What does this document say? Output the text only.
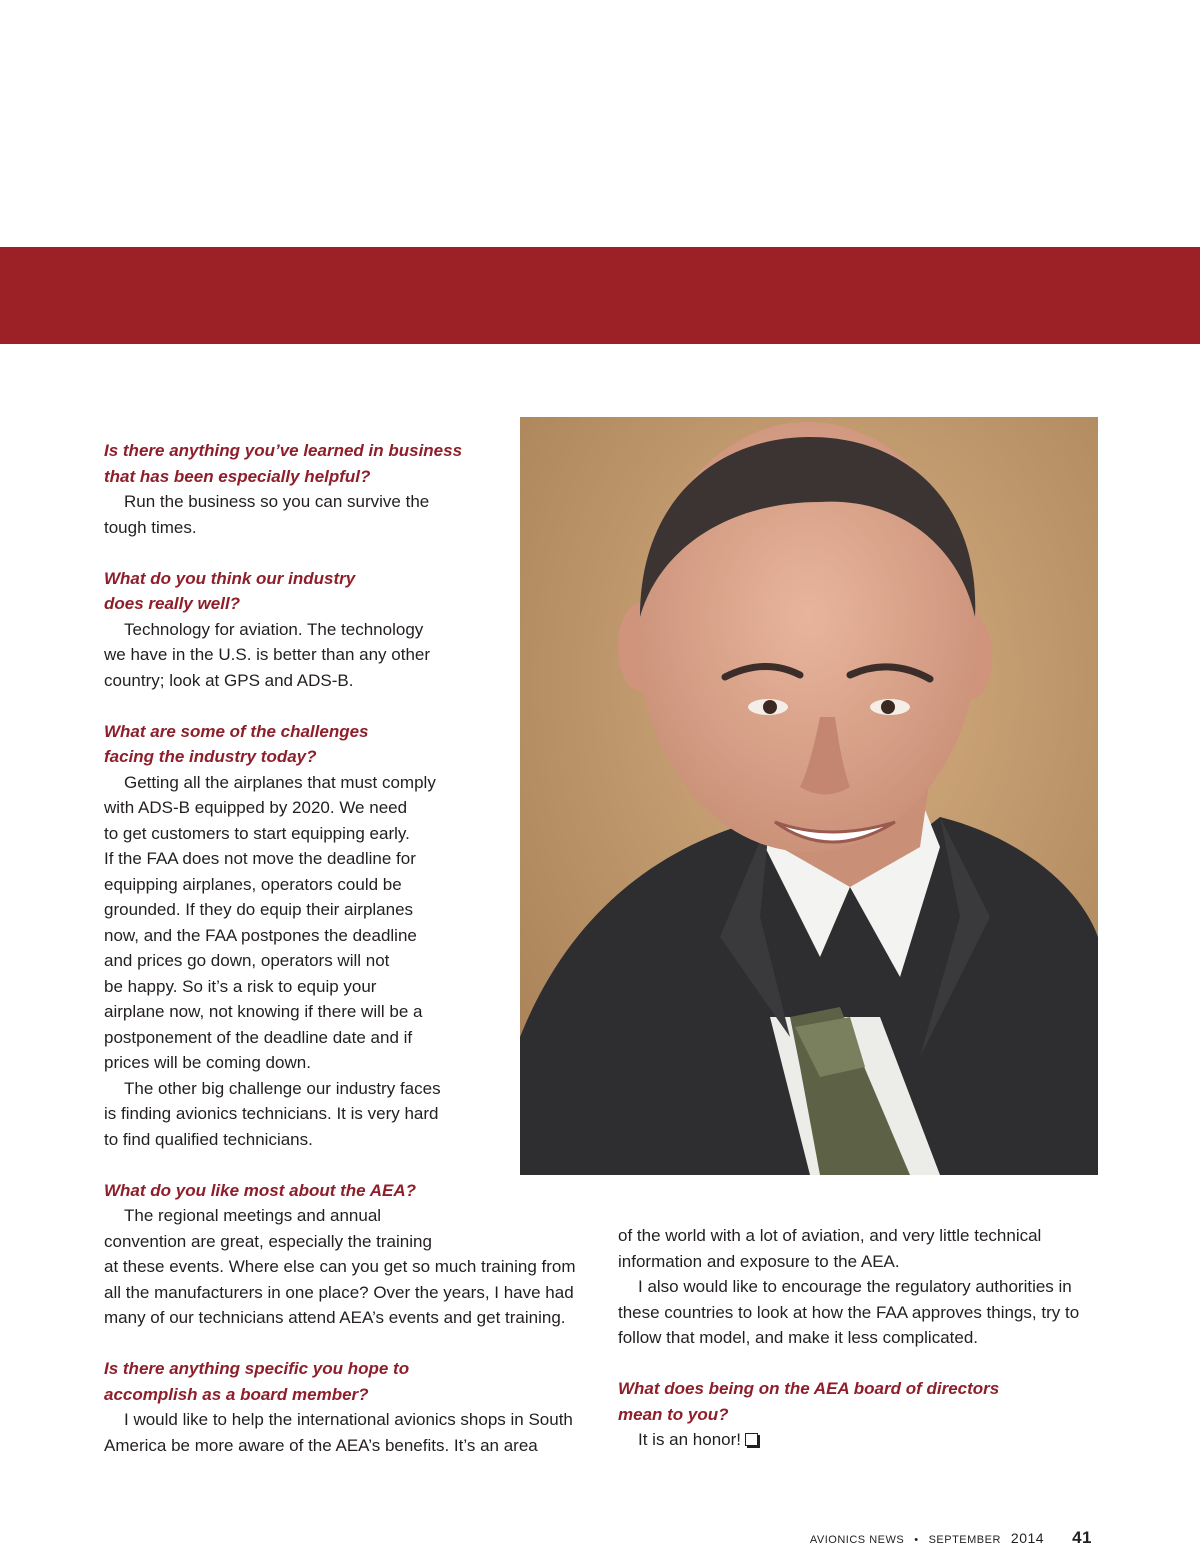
Is there anything you’ve learned in business
that has been especially helpful?
Run the business so you can survive the
tough times.
What do you think our industry
does really well?
Technology for aviation. The technology
we have in the U.S. is better than any other
country; look at GPS and ADS-B.
What are some of the challenges
facing the industry today?
Getting all the airplanes that must comply
with ADS-B equipped by 2020. We need
to get customers to start equipping early.
If the FAA does not move the deadline for
equipping airplanes, operators could be
grounded. If they do equip their airplanes
now, and the FAA postpones the deadline
and prices go down, operators will not
be happy. So it’s a risk to equip your
airplane now, not knowing if there will be a
postponement of the deadline date and if
prices will be coming down.
The other big challenge our industry faces
is finding avionics technicians. It is very hard
to find qualified technicians.
What do you like most about the AEA?
The regional meetings and annual
convention are great, especially the training
at these events. Where else can you get so much training from
all the manufacturers in one place? Over the years, I have had
many of our technicians attend AEA’s events and get training.
Is there anything specific you hope to
accomplish as a board member?
I would like to help the international avionics shops in South
America be more aware of the AEA’s benefits. It’s an area
of the world with a lot of aviation, and very little technical
information and exposure to the AEA.
I also would like to encourage the regulatory authorities in
these countries to look at how the FAA approves things, try to
follow that model, and make it less complicated.
What does being on the AEA board of directors
mean to you?
It is an honor!
AVIONICS NEWS • SEPTEMBER 2014 41
